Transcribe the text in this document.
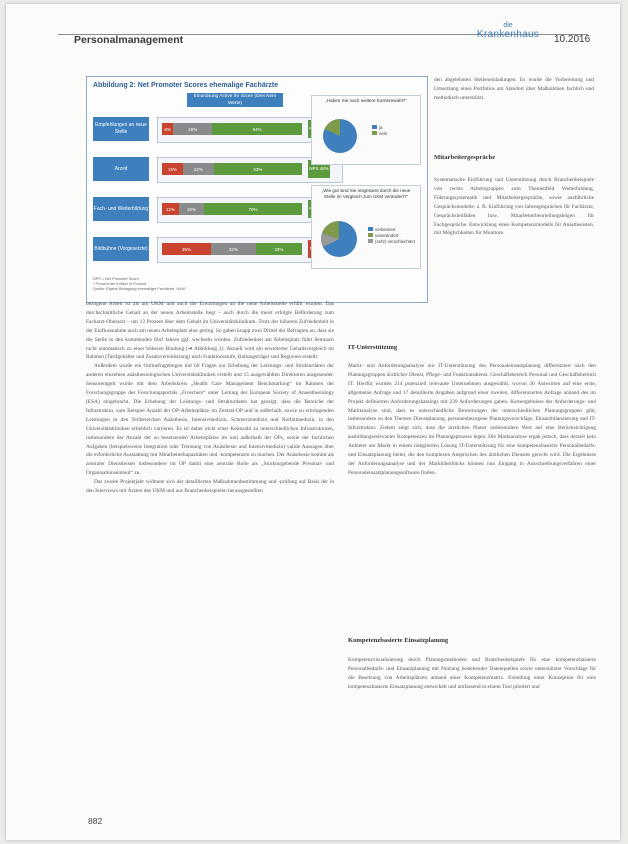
Personalmanagement
die
Krankenhaus 10.2016
Abbildung 2: Net Promoter Scores ehemalige Fachärzte
Einordnung Active Ihr Score (Drei Kern Werte)
Empfehlungen an neue Stelle	8%	28%	64%
Arzeit	15%	22%	63%	NPS 48%
Fach- und Weiterbildung	12%	18%	70%
Bildbühne (Vorgesetzte)	35%	32%	33%
„Haben Sie nach weitere Karrierewahl?“
ja
nein
„Wie gut sind Sie insgesamt durch die neue Stelle im Vergleich zum UKM verändert?“
verbessert
unverändert
(sehr) verschlechtert
NPS = Net Promoter Score
* Prozent der Kritiker in Prozent
Quelle: Eigene Befragung ehemaliger Fachärzte, UKM

den abgelehnten Stelleneinladungen. Es wurde die Vorbereitung und Umsetzung eines Portfolios am Standort über Maßnahmen fachlich und methodisch unterstützt.

Mitarbeitergespräche

Systematische Einführung und Unterstützung durch Branchenbeispiele von rechts Arbeitsgruppen zum Themenfeld Weiterbildung, Führungssystematik und Mitarbeitergespräche, sowie ausführliche Gesprächsmodelle, z. B. Einführung von Jahresgesprächen für Fachärzte, Gesprächsleitfäden bzw. Mitarbeiterbeurteilungsbögen für Fachgespräche. Entwicklung eines Kompetenzmodells für Anästhesisten, mit Möglichkeiten für Monitore.

bezogene Arbeit ist als am UKM und auch die Erwartungen an die neue Arbeitsstelle erfüllt wurden. Das durchschnittliche Gehalt an der neuen Arbeitsstelle liegt – auch durch die meist erfolgte Beförderung zum Facharzt-Oberarzt – um 13 Prozent über dem Gehalt im Universitätsklinikum. Trotz der höheren Zufriedenheit in der Einflussnahme auch am neuen Arbeitsplatz eher gering. So gaben knapp zwei Drittel der Befragten an, dass sie die Stelle in den kommenden fünf Jahren ggf. wechseln würden. Zufriedenheit am Arbeitsplatz führt demnach nicht automatisch zu einer höheren Bindung (➔ Abbildung 2). Aktuell wird ein erweiterter Gehaltsvergleich im Rahmen (Tarifgehälter und Zusatzvereinbarung) nach Funktionsstufe, Ballungsträger und Regionen erstellt.

Außerdem wurde ein Onlinefragebogen mit 60 Fragen zur Erhebung der Leistungs- und Strukturdaten der anderen einzelnen anästhesiologischen Universitätskliniken erstellt und 15 ausgewählten Direktoren ausgesendet. Sensorentgelt wurde mit dem Arbeitskreis „Health Care Management Benchmarking“ im Rahmen der Forschungsgruppe des Forschungsportals „Froschers“ unter Leitung der European Society of Anaesthesiology (ESA) eingebracht. Die Erhebung der Leistungs- und Strukturdaten hat gezeigt, dass die Bereiche der Infrastruktur, zum Beispiel Anzahl der OP-Arbeitsplätze im Zentral-OP und in außerhalb, sowie zu erbringenden Leistungen in den Teilbereichen Anästhesie, Intensivmedizin, Schmerzmedizin und Notfallmedizin, in den Universitätskliniken erheblich variieren. Es ist daher nicht einer Kennzahl zu unterschiedlichen Infrastrukturen, insbesondere der Anzahl der zu besetzenden Arbeitsplätze im und außerhalb der OPs, sowie der fachlichen Aufgaben (beispielsweise Integration oder Trennung von Anästhesie und Intensivmedizin) valide Aussagen über die erforderliche Ausstattung mit Mitarbeiterkapazitäten und -kompetenzen zu machen. Der Anästhesie kommt als zentraler Dienstleister insbesondere im OP damit eine zentrale Rolle als „Strukturgebende Personal- und Organisationseinheit“ zu.

Das zweite Projektjahr widmete sich der detaillierten Maßnahmenbestimmung und -prüfung auf Basis der in den Interviews mit Ärzten des UKM und aus Branchenbeispielen herausgestellten

IT-Unterstützung

Markt- und Anforderungsanalyse zur IT-Unterstützung des Personaleinsatzplanung differenziert nach den Planungsgruppen ärztlicher Dienst, Pflege- und Funktionsdienst. Geschäftsbereich Personal und Geschäftsbereich IT. Hierfür wurden 214 potenziell relevante Unternehmen ausgewählt, wovon 30 Antworten auf eine erste, allgemeine Anfrage und 17 detaillierte Angaben aufgrund einer zweiten, differenzierten Anfrage anhand des im Projekt definierten Anforderungskatalogs mit 239 Anforderungen gaben. Kernergebnisse der Anforderungs- und Marktanalyse sind, dass es unterschiedliche Bewertungen der unterschiedlichen Planungsgruppen gibt, insbesondere zu den Themen Dienstplanung, personenbezogene Planungsvorschläge, Einsatzbilanzierung und IT-Infrastruktur. Zudem zeigt sich, dass die ärztlichen Planer insbesondere Wert auf eine Berücksichtigung ausbildungsrelevanter Kompetenzen im Planungsprozess legen. Die Marktanalyse ergab jedoch, dass derzeit kein Anbieter am Markt in einem integrierten Lösung IT-Unterstützung für eine kompetenzbasierte Personalbedarfs- und Einsatzplanung bietet, die den komplexen Ansprüchen des ärztlichen Dienstes gerecht wird. Die Ergebnisse der Anforderungsanalyse und der Marktüberblicks können nun Eingang in Ausschreibungsverfahren einer Personaleinsatzplanungssoftware finden.

Kompetenzbasierte Einsatzplanung

Kompetenzvisualisierung durch Planungsmethoden und Branchenbeispiele für eine kompetenzbasierte Personalbedarfs- und Einsatzplanung mit Nutzung bestehender Datenquellen sowie unterstützter Vorschläge für die Besetzung von Arbeitsplätzen anhand einer Kompetenzmatrix. Erstellung einer Konzeption für eine kompetenzbasierte Einsatzplanung entwickelt und umfassend in einem Tool pilotiert und

882
